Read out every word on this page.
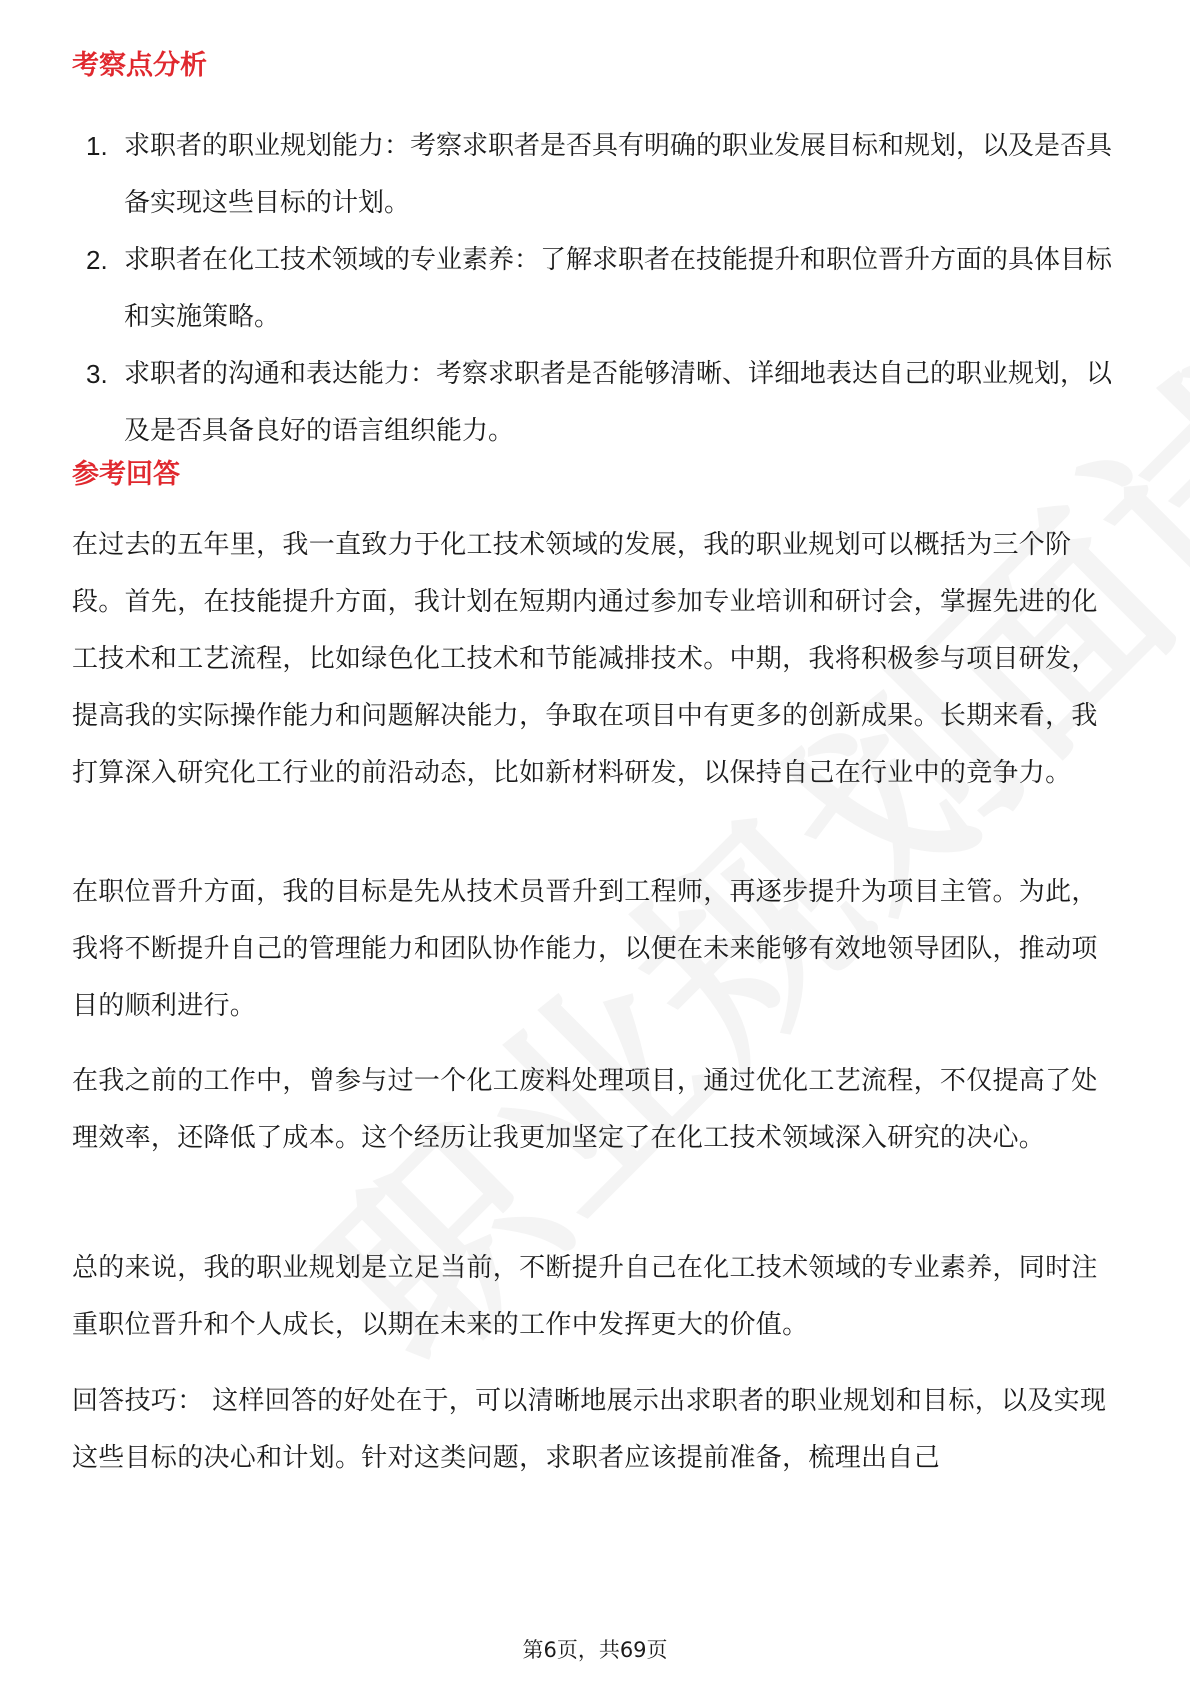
考察点分析
1. 求职者的职业规划能力：考察求职者是否具有明确的职业发展目标和规划，以及是否具备实现这些目标的计划。
2. 求职者在化工技术领域的专业素养：了解求职者在技能提升和职位晋升方面的具体目标和实施策略。
3. 求职者的沟通和表达能力：考察求职者是否能够清晰、详细地表达自己的职业规划，以及是否具备良好的语言组织能力。
参考回答

在过去的五年里，我一直致力于化工技术领域的发展，我的职业规划可以概括为三个阶段。首先，在技能提升方面，我计划在短期内通过参加专业培训和研讨会，掌握先进的化工技术和工艺流程，比如绿色化工技术和节能减排技术。中期，我将积极参与项目研发，提高我的实际操作能力和问题解决能力，争取在项目中有更多的创新成果。长期来看，我打算深入研究化工行业的前沿动态，比如新材料研发，以保持自己在行业中的竞争力。

在职位晋升方面，我的目标是先从技术员晋升到工程师，再逐步提升为项目主管。为此，我将不断提升自己的管理能力和团队协作能力，以便在未来能够有效地领导团队，推动项目的顺利进行。

在我之前的工作中，曾参与过一个化工废料处理项目，通过优化工艺流程，不仅提高了处理效率，还降低了成本。这个经历让我更加坚定了在化工技术领域深入研究的决心。

总的来说，我的职业规划是立足当前，不断提升自己在化工技术领域的专业素养，同时注重职位晋升和个人成长，以期在未来的工作中发挥更大的价值。

回答技巧： 这样回答的好处在于，可以清晰地展示出求职者的职业规划和目标，以及实现这些目标的决心和计划。针对这类问题，求职者应该提前准备，梳理出自己

第6页，共69页
